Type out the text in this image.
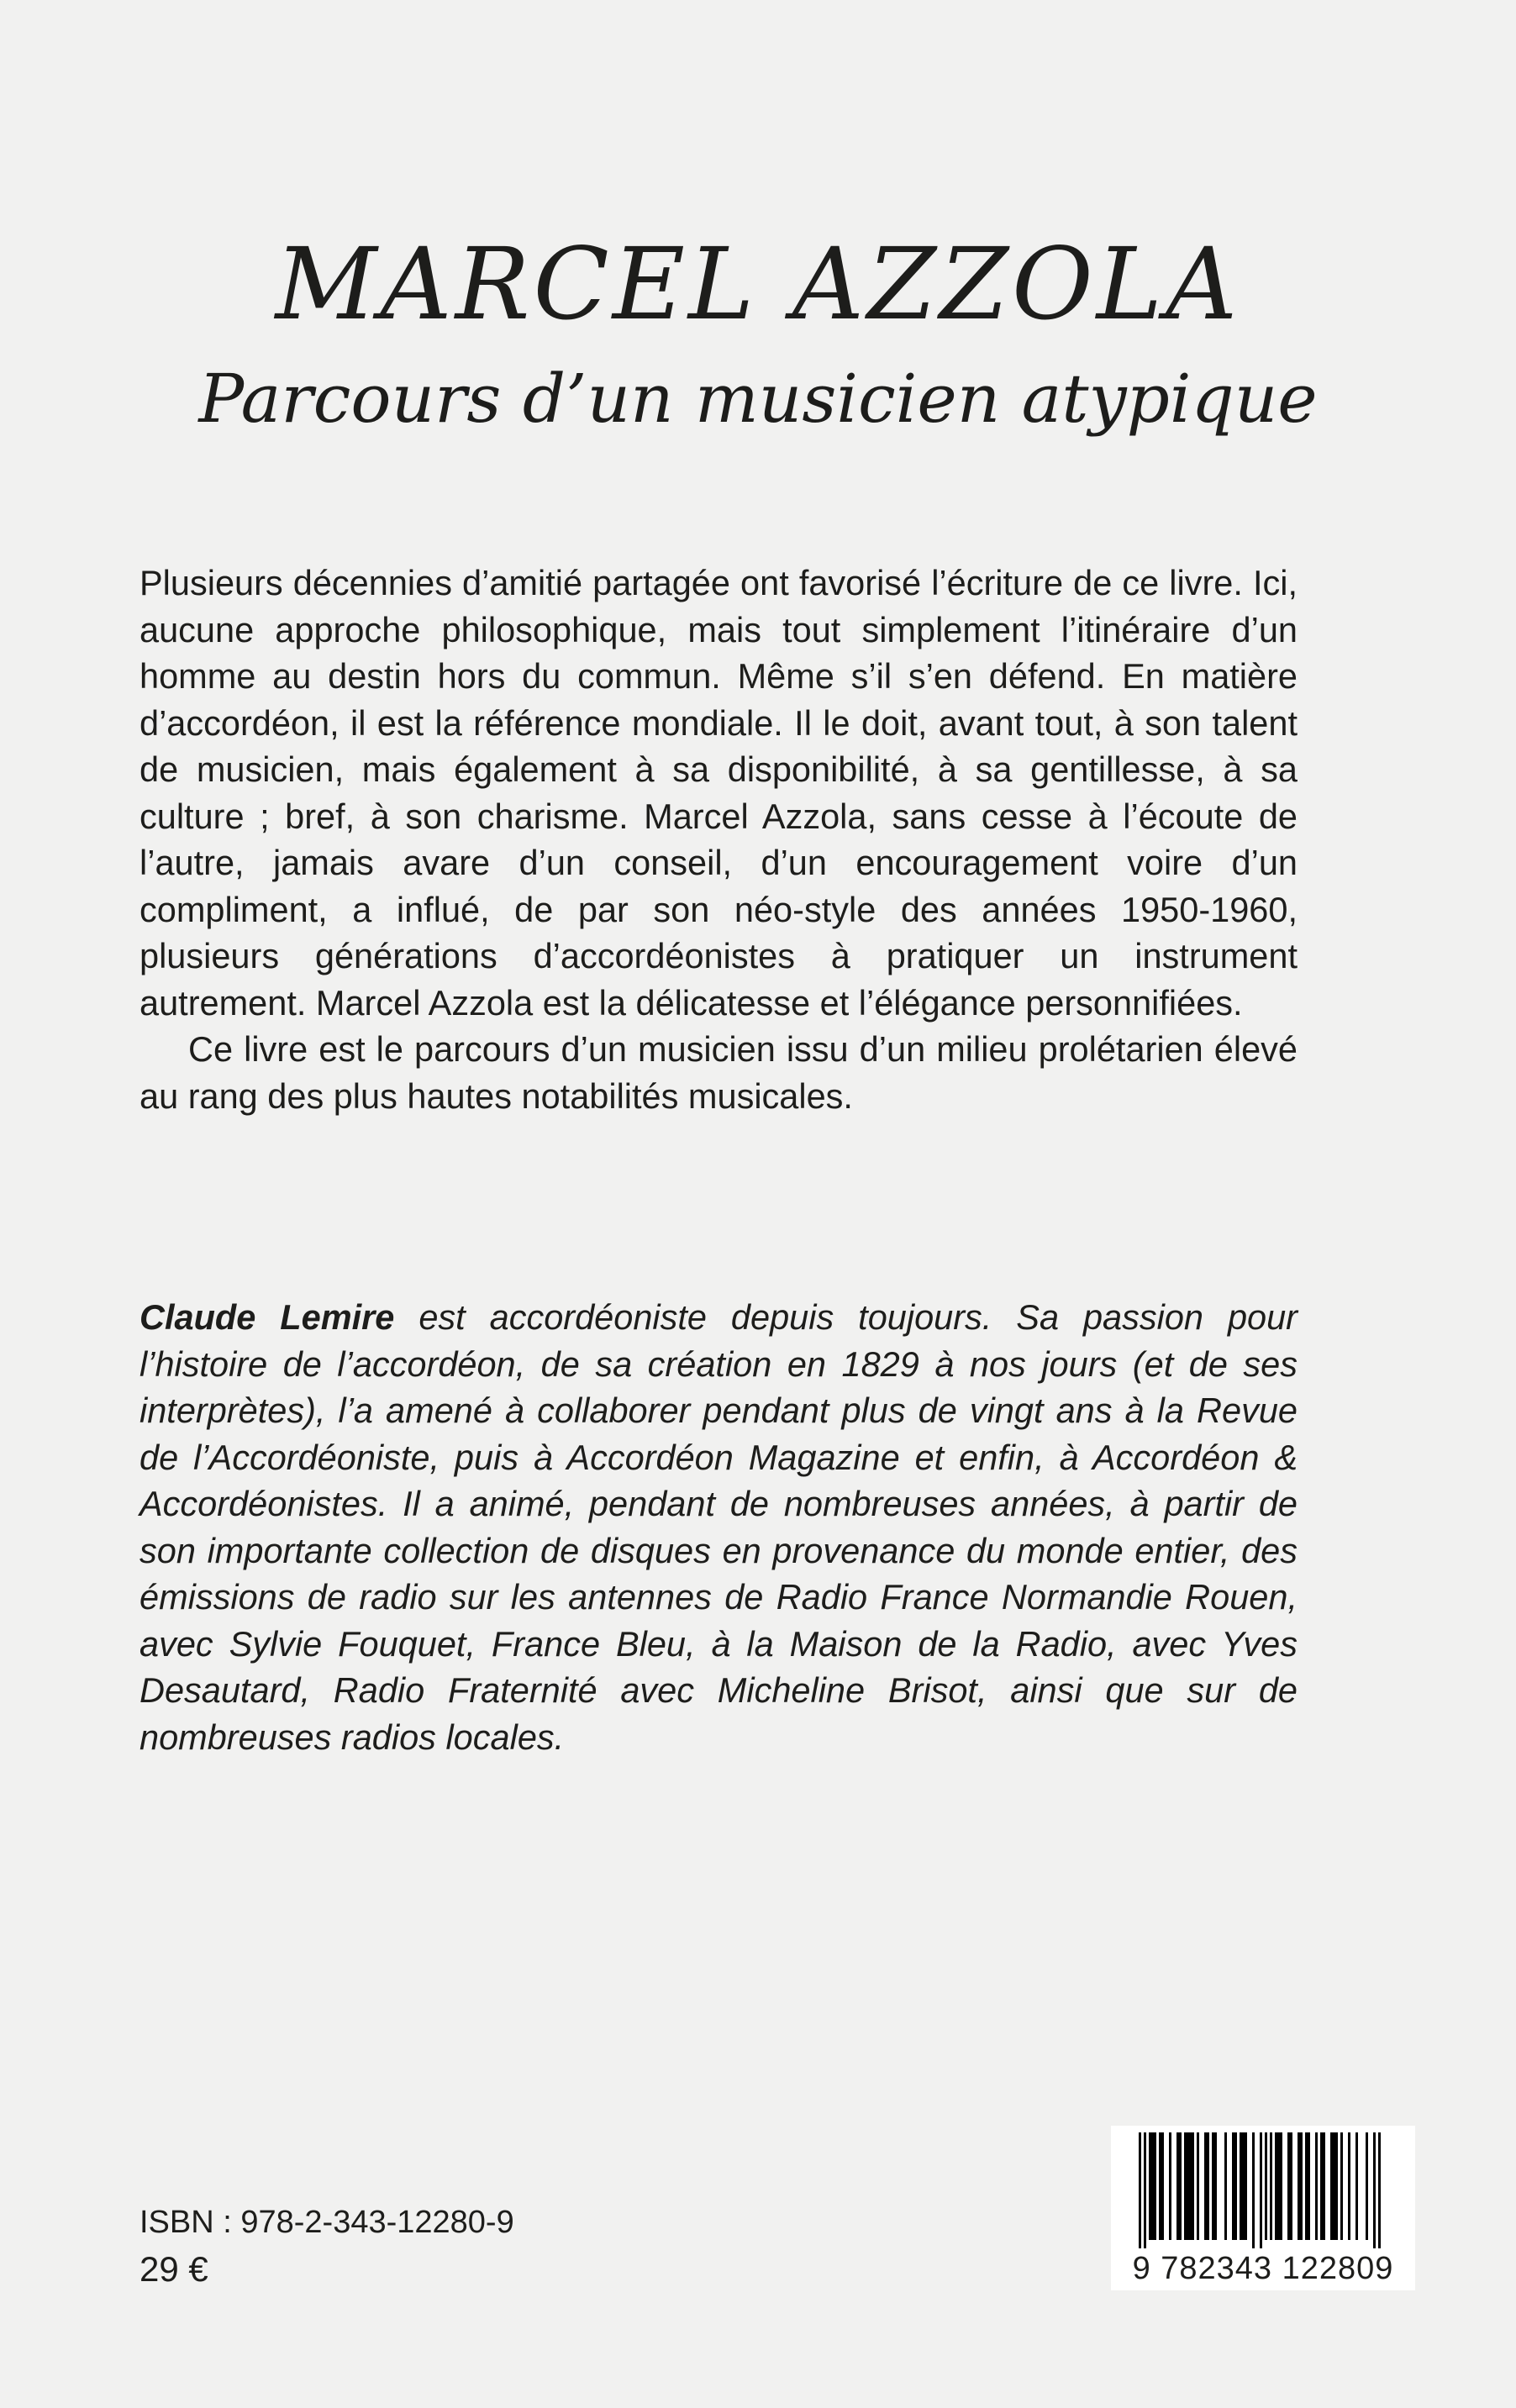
MARCEL AZZOLA
Parcours d’un musicien atypique

Plusieurs décennies d’amitié partagée ont favorisé l’écriture de ce livre. Ici, aucune approche philosophique, mais tout simplement l’itinéraire d’un homme au destin hors du commun. Même s’il s’en défend. En matière d’accordéon, il est la référence mondiale. Il le doit, avant tout, à son talent de musicien, mais également à sa disponibilité, à sa gentillesse, à sa culture ; bref, à son charisme. Marcel Azzola, sans cesse à l’écoute de l’autre, jamais avare d’un conseil, d’un encouragement voire d’un compliment, a influé, de par son néo-style des années 1950-1960, plusieurs générations d’accordéonistes à pratiquer un instrument autrement. Marcel Azzola est la délicatesse et l’élégance personnifiées.

Ce livre est le parcours d’un musicien issu d’un milieu prolétarien élevé au rang des plus hautes notabilités musicales.

Claude Lemire est accordéoniste depuis toujours. Sa passion pour l’histoire de l’accordéon, de sa création en 1829 à nos jours (et de ses interprètes), l’a amené à collaborer pendant plus de vingt ans à la Revue de l’Accordéoniste, puis à Accordéon Magazine et enfin, à Accordéon & Accordéonistes. Il a animé, pendant de nombreuses années, à partir de son importante collection de disques en provenance du monde entier, des émissions de radio sur les antennes de Radio France Normandie Rouen, avec Sylvie Fouquet, France Bleu, à la Maison de la Radio, avec Yves Desautard, Radio Fraternité avec Micheline Brisot, ainsi que sur de nombreuses radios locales.

ISBN : 978-2-343-12280-9
29 €	9 782343 122809
